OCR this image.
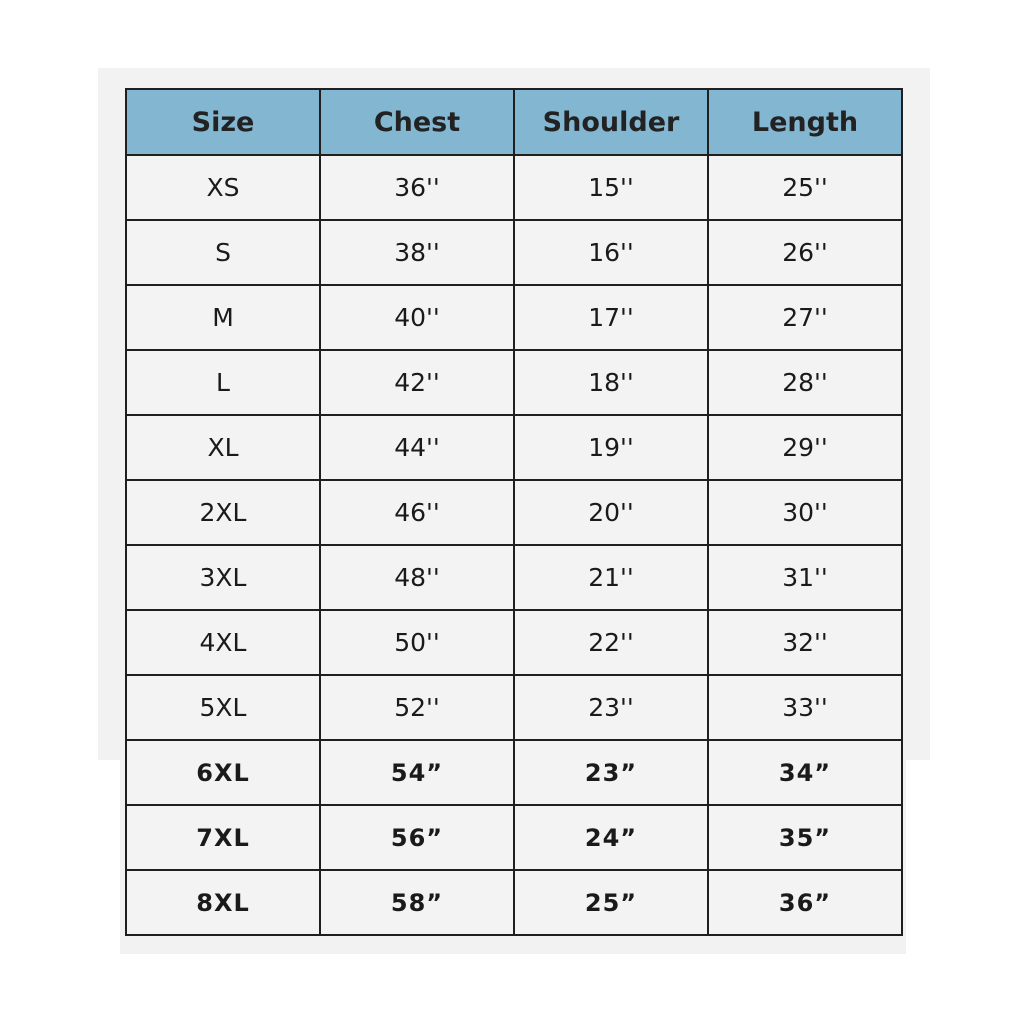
Size	Chest	Shoulder	Length
XS	36''	15''	25''
S	38''	16''	26''
M	40''	17''	27''
L	42''	18''	28''
XL	44''	19''	29''
2XL	46''	20''	30''
3XL	48''	21''	31''
4XL	50''	22''	32''
5XL	52''	23''	33''
6XL	54”	23”	34”
7XL	56”	24”	35”
8XL	58”	25”	36”
